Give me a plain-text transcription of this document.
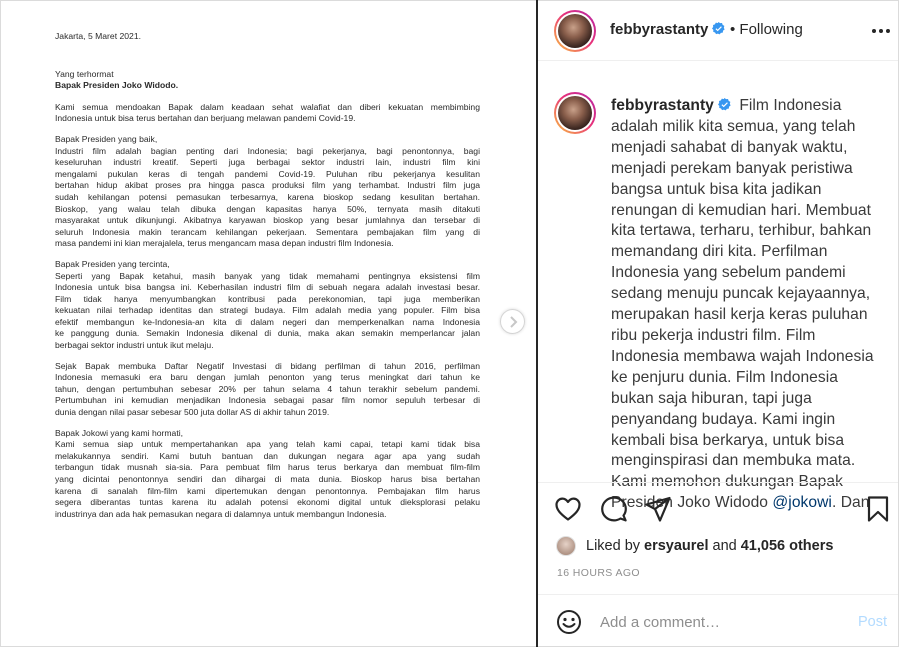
Jakarta, 5 Maret 2021.
Yang terhormat
Bapak Presiden Joko Widodo.
Kami semua mendoakan Bapak dalam keadaan sehat walafiat dan diberi kekuatan membimbing
Indonesia untuk bisa terus bertahan dan berjuang melawan pandemi Covid-19.
Bapak Presiden yang baik,
Industri film adalah bagian penting dari Indonesia; bagi pekerjanya, bagi penontonnya, bagi
keseluruhan industri kreatif. Seperti juga berbagai sektor industri lain, industri film kini
mengalami pukulan keras di tengah pandemi Covid-19. Puluhan ribu pekerjanya kesulitan
bertahan hidup akibat proses pra hingga pasca produksi film yang terhambat. Industri film juga
sudah kehilangan potensi pemasukan terbesarnya, karena bioskop sedang kesulitan bertahan.
Bioskop, yang walau telah dibuka dengan kapasitas hanya 50%, ternyata masih ditakuti
masyarakat untuk dikunjungi. Akibatnya karyawan bioskop yang besar jumlahnya dan tersebar di
seluruh Indonesia makin terancam kehilangan pekerjaan. Sementara pembajakan film yang di
masa pandemi ini kian merajalela, terus mengancam masa depan industri film Indonesia.
Bapak Presiden yang tercinta,
Seperti yang Bapak ketahui, masih banyak yang tidak memahami pentingnya eksistensi film
Indonesia untuk bisa bangsa ini. Keberhasilan industri film di sebuah negara adalah investasi besar.
Film tidak hanya menyumbangkan kontribusi pada perekonomian, tapi juga memberikan
kekuatan nilai terhadap identitas dan strategi budaya. Film adalah media yang populer. Film bisa
efektif membangun ke-Indonesia-an kita di dalam negeri dan memperkenalkan nama Indonesia
ke panggung dunia. Semakin Indonesia dikenal di dunia, maka akan semakin memperlancar jalan
berbagai sektor industri untuk ikut melaju.
Sejak Bapak membuka Daftar Negatif Investasi di bidang perfilman di tahun 2016, perfilman
Indonesia memasuki era baru dengan jumlah penonton yang terus meningkat dari tahun ke
tahun, dengan pertumbuhan sebesar 20% per tahun selama 4 tahun terakhir sebelum pandemi.
Pertumbuhan ini kemudian menjadikan Indonesia sebagai pasar film nomor sepuluh terbesar di
dunia dengan nilai pasar sebesar 500 juta dollar AS di akhir tahun 2019.
Bapak Jokowi yang kami hormati,
Kami semua siap untuk mempertahankan apa yang telah kami capai, tetapi kami tidak bisa
melakukannya sendiri. Kami butuh bantuan dan dukungan negara agar apa yang sudah
terbangun tidak musnah sia-sia. Para pembuat film harus terus berkarya dan membuat film-film
yang dicintai penontonnya sendiri dan dihargai di mata dunia. Bioskop harus bisa bertahan
karena di sanalah film-film kami dipertemukan dengan penontonnya. Pembajakan film harus
segera diberantas tuntas karena itu adalah potensi ekonomi digital untuk dieksplorasi pelaku
industrinya dan ada hak pemasukan negara di dalamnya untuk membangun Indonesia.
febbyrastanty	• Following
febbyrastanty Film Indonesia adalah milik kita semua, yang telah menjadi sahabat di banyak waktu, menjadi perekam banyak peristiwa bangsa untuk bisa kita jadikan renungan di kemudian hari. Membuat kita tertawa, terharu, terhibur, bahkan memandang diri kita. Perfilman Indonesia yang sebelum pandemi sedang menuju puncak kejayaannya, merupakan hasil kerja keras puluhan ribu pekerja industri film. Film Indonesia membawa wajah Indonesia ke penjuru dunia. Film Indonesia bukan saja hiburan, tapi juga penyandang budaya. Kami ingin kembali bisa berkarya, untuk bisa menginspirasi dan membuka mata. Kami memohon dukungan Bapak Presiden Joko Widodo @jokowi. Dan
Liked by ersyaurel and 41,056 others
16 HOURS AGO
Add a comment…
Post
